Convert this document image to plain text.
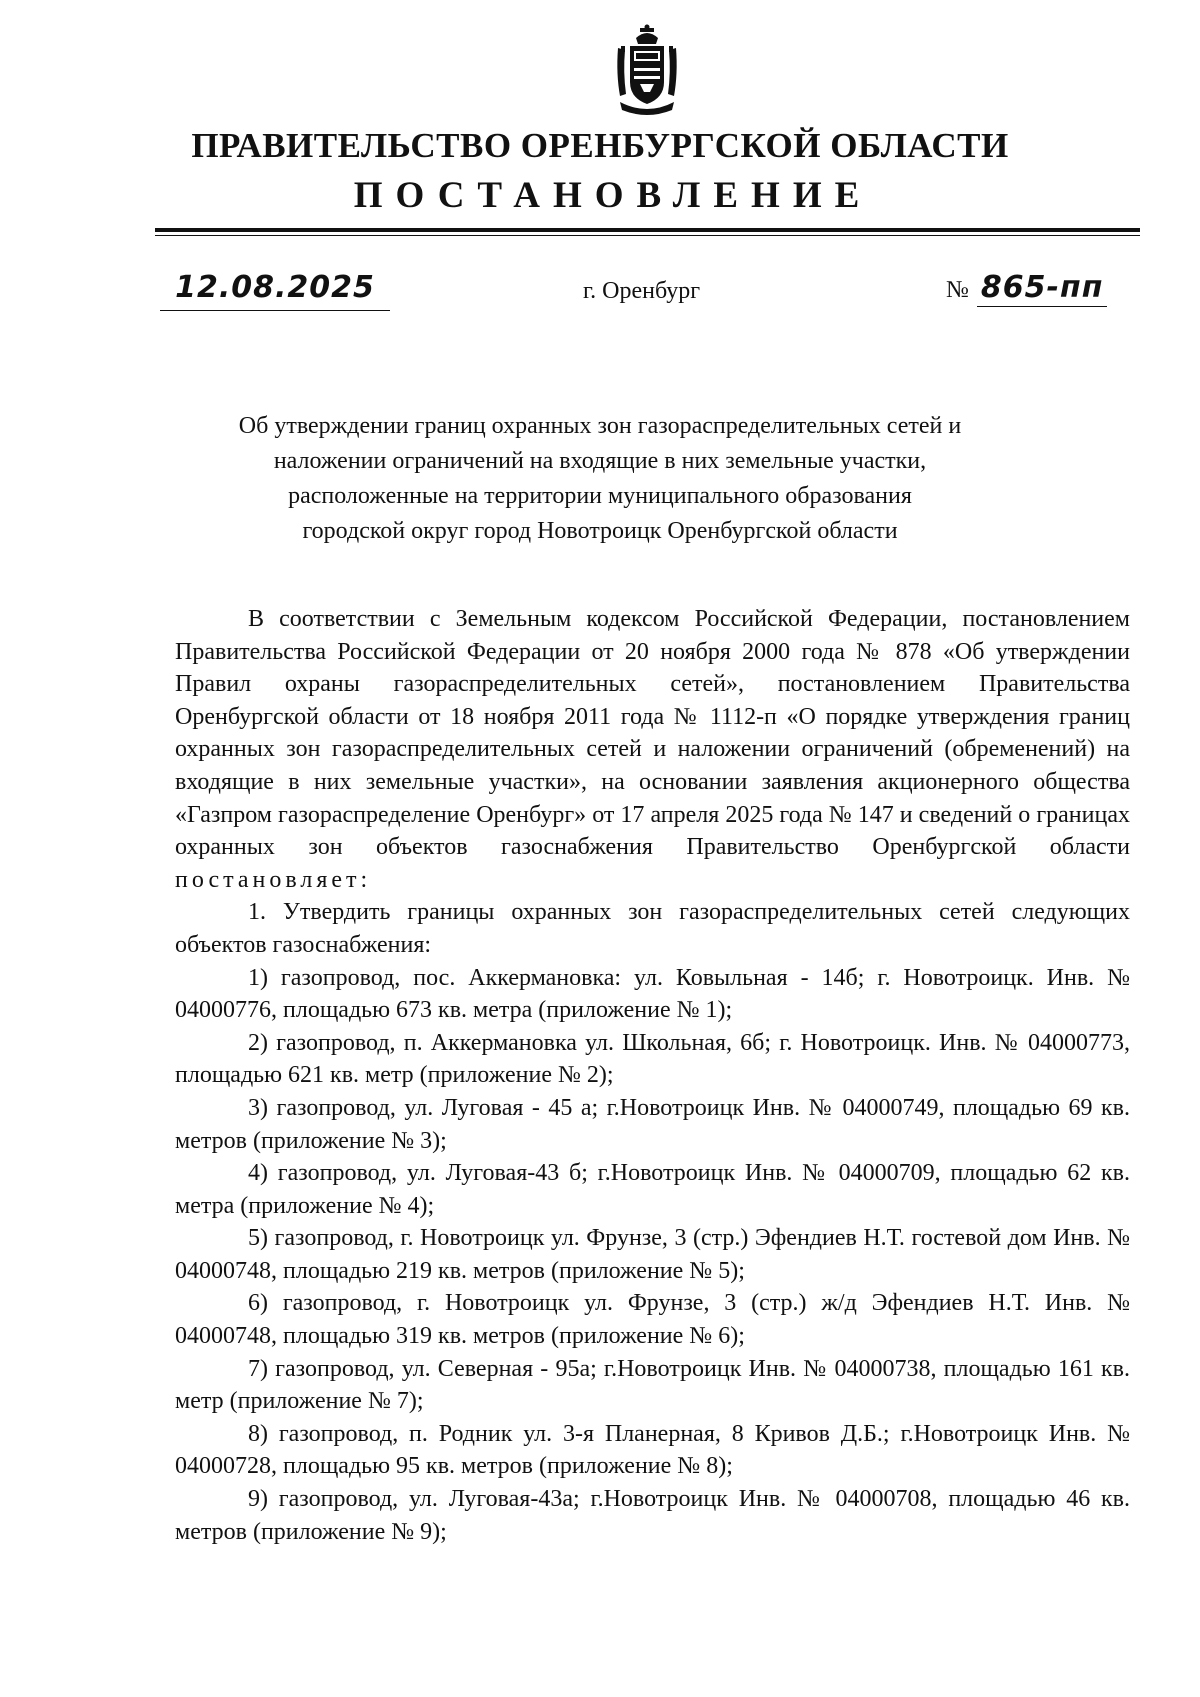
ПРАВИТЕЛЬСТВО ОРЕНБУРГСКОЙ ОБЛАСТИ
ПОСТАНОВЛЕНИЕ
12.08.2025	г. Оренбург	№ 865-пп
Об утверждении границ охранных зон газораспределительных сетей и
наложении ограничений на входящие в них земельные участки,
расположенные на территории муниципального образования
городской округ город Новотроицк Оренбургской области

В соответствии с Земельным кодексом Российской Федерации, постановлением Правительства Российской Федерации от 20 ноября 2000 года № 878 «Об утверждении Правил охраны газораспределительных сетей», постановлением Правительства Оренбургской области от 18 ноября 2011 года № 1112-п «О порядке утверждения границ охранных зон газораспределительных сетей и наложении ограничений (обременений) на входящие в них земельные участки», на основании заявления акционерного общества «Газпром газораспределение Оренбург» от 17 апреля 2025 года № 147 и сведений о границах охранных зон объектов газоснабжения Правительство Оренбургской области постановляет:

1. Утвердить границы охранных зон газораспределительных сетей следующих объектов газоснабжения:

1) газопровод, пос. Аккермановка: ул. Ковыльная - 14б; г. Новотроицк. Инв. № 04000776, площадью 673 кв. метра (приложение № 1);

2) газопровод, п. Аккермановка ул. Школьная, 6б; г. Новотроицк. Инв. № 04000773, площадью 621 кв. метр (приложение № 2);

3) газопровод, ул. Луговая - 45 а; г.Новотроицк Инв. № 04000749, площадью 69 кв. метров (приложение № 3);

4) газопровод, ул. Луговая-43 б; г.Новотроицк Инв. № 04000709, площадью 62 кв. метра (приложение № 4);

5) газопровод, г. Новотроицк ул. Фрунзе, 3 (стр.) Эфендиев Н.Т. гостевой дом Инв. № 04000748, площадью 219 кв. метров (приложение № 5);

6) газопровод, г. Новотроицк ул. Фрунзе, 3 (стр.) ж/д Эфендиев Н.Т. Инв. № 04000748, площадью 319 кв. метров (приложение № 6);

7) газопровод, ул. Северная - 95а; г.Новотроицк Инв. № 04000738, площадью 161 кв. метр (приложение № 7);

8) газопровод, п. Родник ул. 3-я Планерная, 8 Кривов Д.Б.; г.Новотроицк Инв. № 04000728, площадью 95 кв. метров (приложение № 8);

9) газопровод, ул. Луговая-43а; г.Новотроицк Инв. № 04000708, площадью 46 кв. метров (приложение № 9);
